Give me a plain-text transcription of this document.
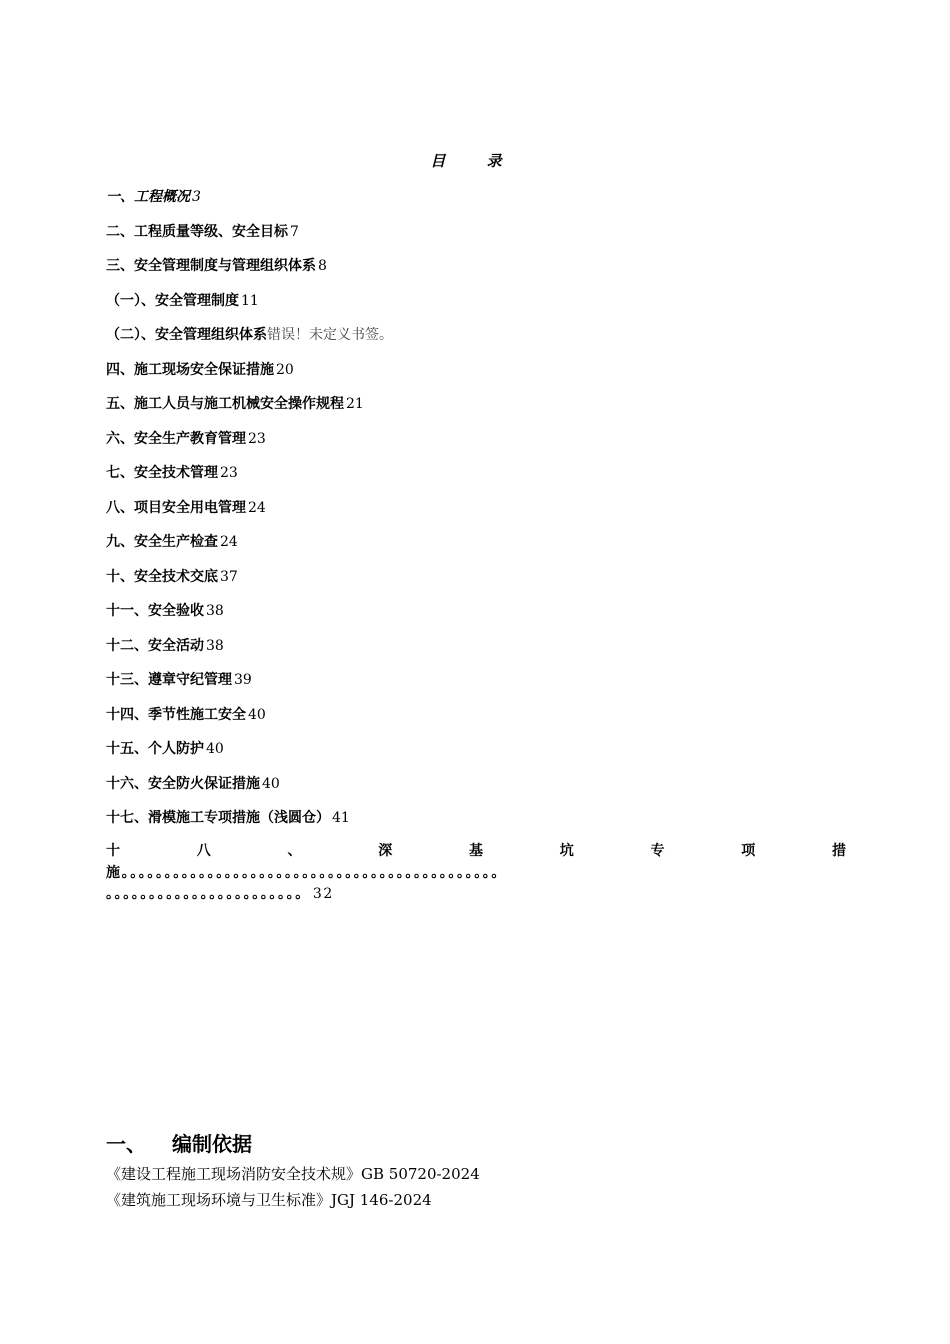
目 录
一、工程概况 3
二、工程质量等级、安全目标 7
三、安全管理制度与管理组织体系 8
（一）、安全管理制度 11
（二）、安全管理组织体系错误！未定义书签。
四、施工现场安全保证措施 20
五、施工人员与施工机械安全操作规程 21
六、安全生产教育管理 23
七、安全技术管理 23
八、项目安全用电管理 24
九、安全生产检查 24
十、安全技术交底 37
十一、安全验收 38
十二、安全活动 38
十三、遵章守纪管理 39
十四、季节性施工安全 40
十五、个人防护 40
十六、安全防火保证措施 40
十七、滑模施工专项措施（浅圆仓） 41
十	八	、	深	基	坑	专	项	措
施。。。。。。。。。。。。。。。。。。。。。。。。。。。。。。。。。。。。。。。。。。。。
。。。。。。。。。。。。。。。。。。。。。。。 32
一、 编制依据
《建设工程施工现场消防安全技术规》GB 50720-2024
《建筑施工现场环境与卫生标准》JGJ 146-2024
